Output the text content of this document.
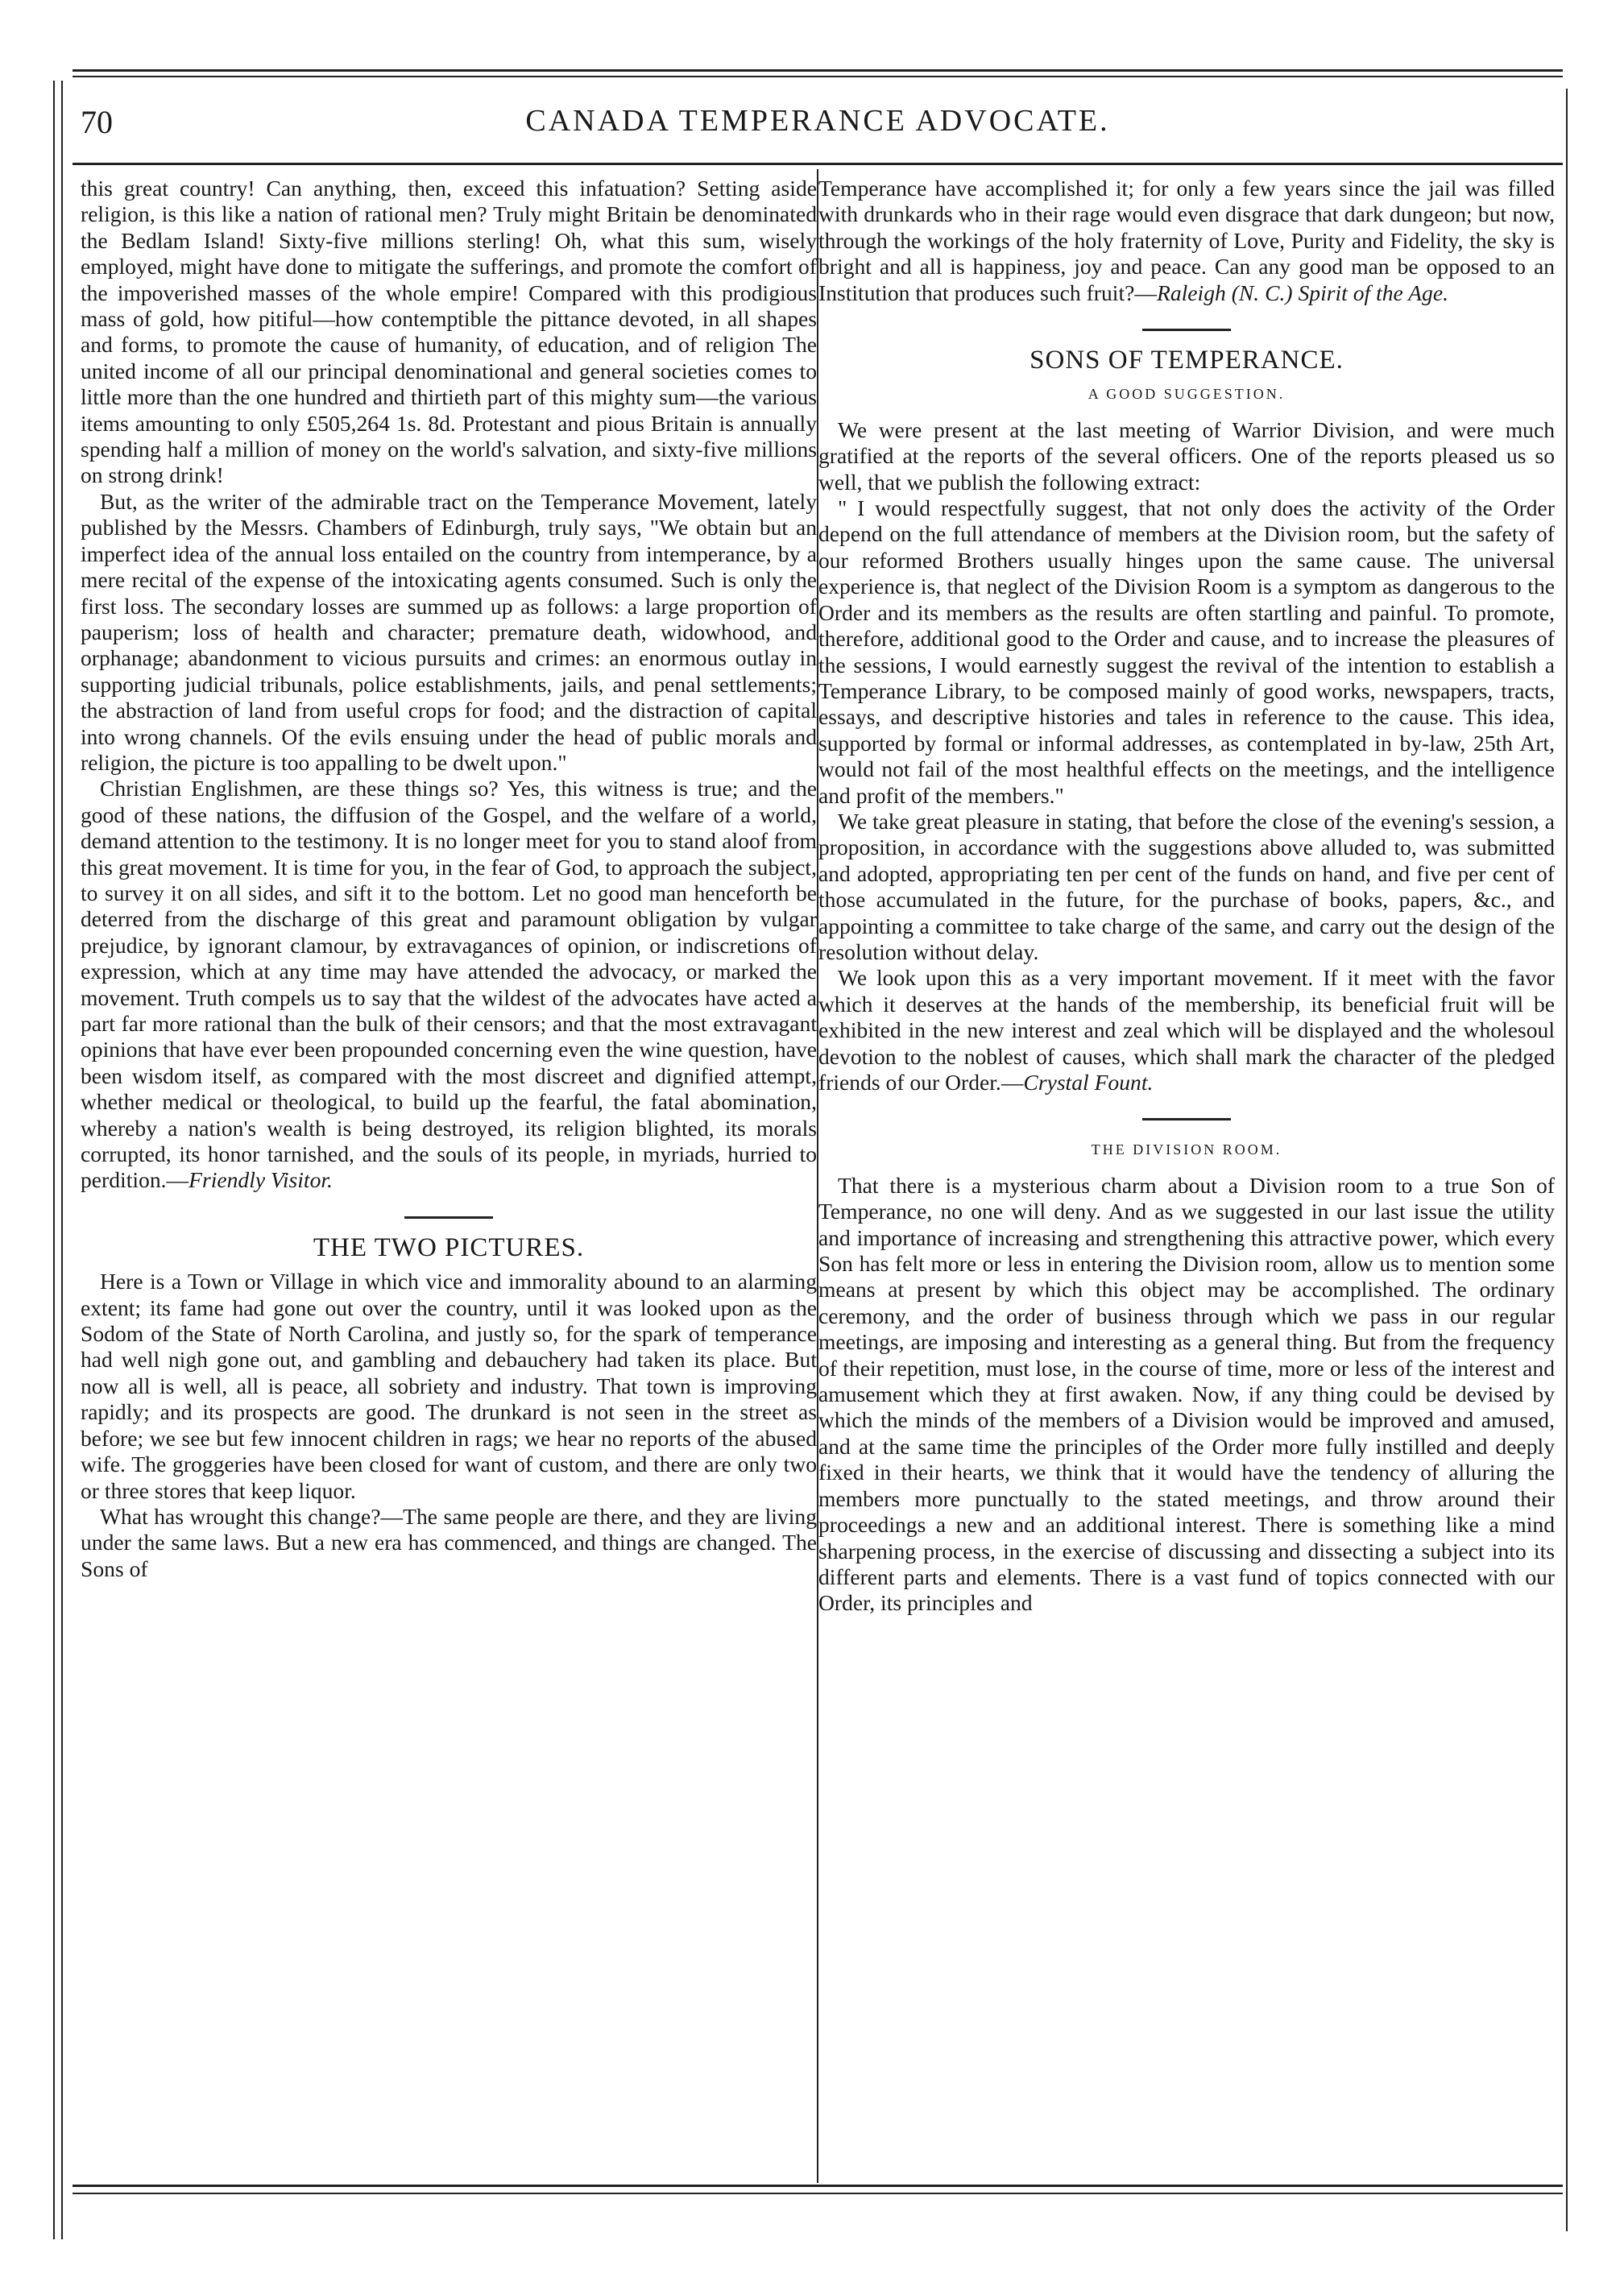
70	CANADA TEMPERANCE ADVOCATE.

this great country! Can anything, then, exceed this infatuation? Setting aside religion, is this like a nation of rational men? Truly might Britain be denominated the Bedlam Island! Sixty-five millions sterling! Oh, what this sum, wisely employed, might have done to mitigate the sufferings, and promote the comfort of the impoverished masses of the whole empire! Compared with this prodigious mass of gold, how pitiful—how contemptible the pittance devoted, in all shapes and forms, to promote the cause of humanity, of education, and of religion The united income of all our principal denominational and general societies comes to little more than the one hundred and thirtieth part of this mighty sum—the various items amounting to only £505,264 1s. 8d. Protestant and pious Britain is annually spending half a million of money on the world's salvation, and sixty-five millions on strong drink!

But, as the writer of the admirable tract on the Temperance Movement, lately published by the Messrs. Chambers of Edinburgh, truly says, "We obtain but an imperfect idea of the annual loss entailed on the country from intemperance, by a mere recital of the expense of the intoxicating agents consumed. Such is only the first loss. The secondary losses are summed up as follows: a large proportion of pauperism; loss of health and character; premature death, widowhood, and orphanage; abandonment to vicious pursuits and crimes: an enormous outlay in supporting judicial tribunals, police establishments, jails, and penal settlements; the abstraction of land from useful crops for food; and the distraction of capital into wrong channels. Of the evils ensuing under the head of public morals and religion, the picture is too appalling to be dwelt upon."

Christian Englishmen, are these things so? Yes, this witness is true; and the good of these nations, the diffusion of the Gospel, and the welfare of a world, demand attention to the testimony. It is no longer meet for you to stand aloof from this great movement. It is time for you, in the fear of God, to approach the subject, to survey it on all sides, and sift it to the bottom. Let no good man henceforth be deterred from the discharge of this great and paramount obligation by vulgar prejudice, by ignorant clamour, by extravagances of opinion, or indiscretions of expression, which at any time may have attended the advocacy, or marked the movement. Truth compels us to say that the wildest of the advocates have acted a part far more rational than the bulk of their censors; and that the most extravagant opinions that have ever been propounded concerning even the wine question, have been wisdom itself, as compared with the most discreet and dignified attempt, whether medical or theological, to build up the fearful, the fatal abomination, whereby a nation's wealth is being destroyed, its religion blighted, its morals corrupted, its honor tarnished, and the souls of its people, in myriads, hurried to perdition.—Friendly Visitor.

THE TWO PICTURES.

Here is a Town or Village in which vice and immorality abound to an alarming extent; its fame had gone out over the country, until it was looked upon as the Sodom of the State of North Carolina, and justly so, for the spark of temperance had well nigh gone out, and gambling and debauchery had taken its place. But now all is well, all is peace, all sobriety and industry. That town is improving rapidly; and its prospects are good. The drunkard is not seen in the street as before; we see but few innocent children in rags; we hear no reports of the abused wife. The groggeries have been closed for want of custom, and there are only two or three stores that keep liquor.

What has wrought this change?—The same people are there, and they are living under the same laws. But a new era has commenced, and things are changed. The Sons of

Temperance have accomplished it; for only a few years since the jail was filled with drunkards who in their rage would even disgrace that dark dungeon; but now, through the workings of the holy fraternity of Love, Purity and Fidelity, the sky is bright and all is happiness, joy and peace. Can any good man be opposed to an Institution that produces such fruit?—Raleigh (N. C.) Spirit of the Age.

SONS OF TEMPERANCE.
A GOOD SUGGESTION.

We were present at the last meeting of Warrior Division, and were much gratified at the reports of the several officers. One of the reports pleased us so well, that we publish the following extract:

" I would respectfully suggest, that not only does the activity of the Order depend on the full attendance of members at the Division room, but the safety of our reformed Brothers usually hinges upon the same cause. The universal experience is, that neglect of the Division Room is a symptom as dangerous to the Order and its members as the results are often startling and painful. To promote, therefore, additional good to the Order and cause, and to increase the pleasures of the sessions, I would earnestly suggest the revival of the intention to establish a Temperance Library, to be composed mainly of good works, newspapers, tracts, essays, and descriptive histories and tales in reference to the cause. This idea, supported by formal or informal addresses, as contemplated in by-law, 25th Art, would not fail of the most healthful effects on the meetings, and the intelligence and profit of the members."

We take great pleasure in stating, that before the close of the evening's session, a proposition, in accordance with the suggestions above alluded to, was submitted and adopted, appropriating ten per cent of the funds on hand, and five per cent of those accumulated in the future, for the purchase of books, papers, &c., and appointing a committee to take charge of the same, and carry out the design of the resolution without delay.

We look upon this as a very important movement. If it meet with the favor which it deserves at the hands of the membership, its beneficial fruit will be exhibited in the new interest and zeal which will be displayed and the wholesoul devotion to the noblest of causes, which shall mark the character of the pledged friends of our Order.—Crystal Fount.

THE DIVISION ROOM.

That there is a mysterious charm about a Division room to a true Son of Temperance, no one will deny. And as we suggested in our last issue the utility and importance of increasing and strengthening this attractive power, which every Son has felt more or less in entering the Division room, allow us to mention some means at present by which this object may be accomplished. The ordinary ceremony, and the order of business through which we pass in our regular meetings, are imposing and interesting as a general thing. But from the frequency of their repetition, must lose, in the course of time, more or less of the interest and amusement which they at first awaken. Now, if any thing could be devised by which the minds of the members of a Division would be improved and amused, and at the same time the principles of the Order more fully instilled and deeply fixed in their hearts, we think that it would have the tendency of alluring the members more punctually to the stated meetings, and throw around their proceedings a new and an additional interest. There is something like a mind sharpening process, in the exercise of discussing and dissecting a subject into its different parts and elements. There is a vast fund of topics connected with our Order, its principles and
